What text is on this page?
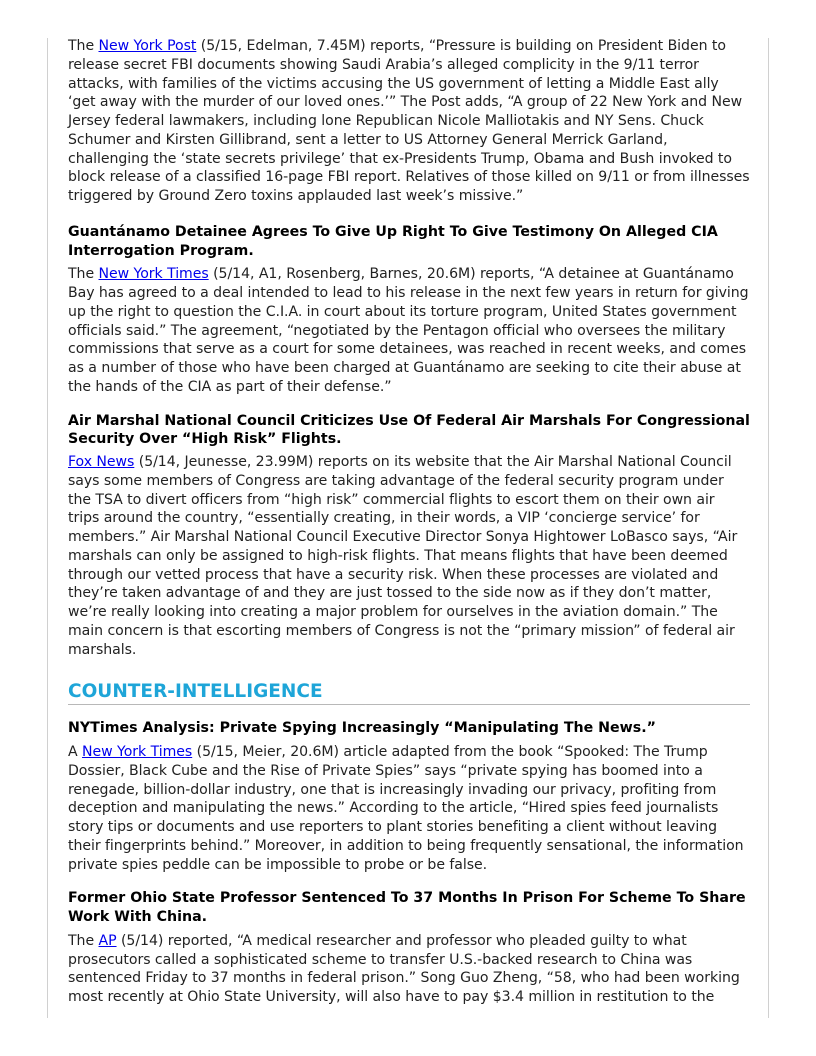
The New York Post (5/15, Edelman, 7.45M) reports, “Pressure is building on President Biden to release secret FBI documents showing Saudi Arabia’s alleged complicity in the 9/11 terror attacks, with families of the victims accusing the US government of letting a Middle East ally ‘get away with the murder of our loved ones.’” The Post adds, “A group of 22 New York and New Jersey federal lawmakers, including lone Republican Nicole Malliotakis and NY Sens. Chuck Schumer and Kirsten Gillibrand, sent a letter to US Attorney General Merrick Garland, challenging the ‘state secrets privilege’ that ex-Presidents Trump, Obama and Bush invoked to block release of a classified 16-page FBI report. Relatives of those killed on 9/11 or from illnesses triggered by Ground Zero toxins applauded last week’s missive.”

Guantánamo Detainee Agrees To Give Up Right To Give Testimony On Alleged CIA Interrogation Program.

The New York Times (5/14, A1, Rosenberg, Barnes, 20.6M) reports, “A detainee at Guantánamo Bay has agreed to a deal intended to lead to his release in the next few years in return for giving up the right to question the C.I.A. in court about its torture program, United States government officials said.” The agreement, “negotiated by the Pentagon official who oversees the military commissions that serve as a court for some detainees, was reached in recent weeks, and comes as a number of those who have been charged at Guantánamo are seeking to cite their abuse at the hands of the CIA as part of their defense.”

Air Marshal National Council Criticizes Use Of Federal Air Marshals For Congressional Security Over “High Risk” Flights.

Fox News (5/14, Jeunesse, 23.99M) reports on its website that the Air Marshal National Council says some members of Congress are taking advantage of the federal security program under the TSA to divert officers from “high risk” commercial flights to escort them on their own air trips around the country, “essentially creating, in their words, a VIP ‘concierge service’ for members.” Air Marshal National Council Executive Director Sonya Hightower LoBasco says, “Air marshals can only be assigned to high-risk flights. That means flights that have been deemed through our vetted process that have a security risk. When these processes are violated and they’re taken advantage of and they are just tossed to the side now as if they don’t matter, we’re really looking into creating a major problem for ourselves in the aviation domain.” The main concern is that escorting members of Congress is not the “primary mission” of federal air marshals.

COUNTER-INTELLIGENCE
NYTimes Analysis: Private Spying Increasingly “Manipulating The News.”

A New York Times (5/15, Meier, 20.6M) article adapted from the book “Spooked: The Trump Dossier, Black Cube and the Rise of Private Spies” says “private spying has boomed into a renegade, billion-dollar industry, one that is increasingly invading our privacy, profiting from deception and manipulating the news.” According to the article, “Hired spies feed journalists story tips or documents and use reporters to plant stories benefiting a client without leaving their fingerprints behind.” Moreover, in addition to being frequently sensational, the information private spies peddle can be impossible to probe or be false.

Former Ohio State Professor Sentenced To 37 Months In Prison For Scheme To Share Work With China.

The AP (5/14) reported, “A medical researcher and professor who pleaded guilty to what prosecutors called a sophisticated scheme to transfer U.S.-backed research to China was sentenced Friday to 37 months in federal prison.” Song Guo Zheng, “58, who had been working most recently at Ohio State University, will also have to pay $3.4 million in restitution to the
